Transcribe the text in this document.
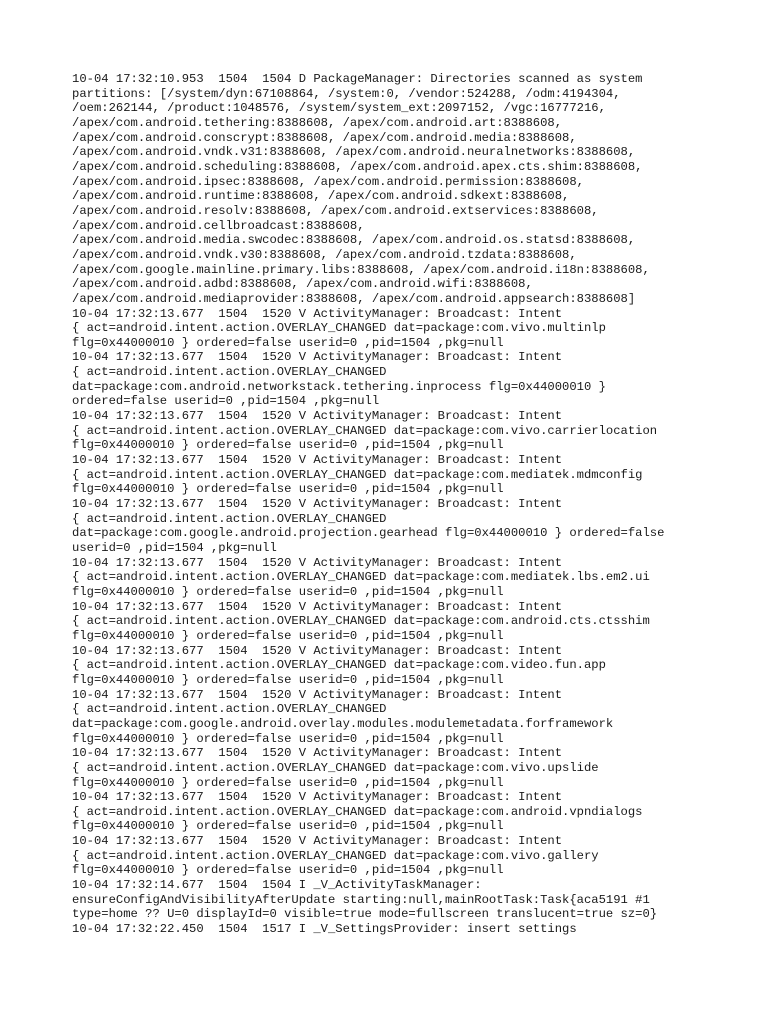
10-04 17:32:10.953  1504  1504 D PackageManager: Directories scanned as system
partitions: [/system/dyn:67108864, /system:0, /vendor:524288, /odm:4194304,
/oem:262144, /product:1048576, /system/system_ext:2097152, /vgc:16777216,
/apex/com.android.tethering:8388608, /apex/com.android.art:8388608,
/apex/com.android.conscrypt:8388608, /apex/com.android.media:8388608,
/apex/com.android.vndk.v31:8388608, /apex/com.android.neuralnetworks:8388608,
/apex/com.android.scheduling:8388608, /apex/com.android.apex.cts.shim:8388608,
/apex/com.android.ipsec:8388608, /apex/com.android.permission:8388608,
/apex/com.android.runtime:8388608, /apex/com.android.sdkext:8388608,
/apex/com.android.resolv:8388608, /apex/com.android.extservices:8388608,
/apex/com.android.cellbroadcast:8388608,
/apex/com.android.media.swcodec:8388608, /apex/com.android.os.statsd:8388608,
/apex/com.android.vndk.v30:8388608, /apex/com.android.tzdata:8388608,
/apex/com.google.mainline.primary.libs:8388608, /apex/com.android.i18n:8388608,
/apex/com.android.adbd:8388608, /apex/com.android.wifi:8388608,
/apex/com.android.mediaprovider:8388608, /apex/com.android.appsearch:8388608]
10-04 17:32:13.677  1504  1520 V ActivityManager: Broadcast: Intent
{ act=android.intent.action.OVERLAY_CHANGED dat=package:com.vivo.multinlp
flg=0x44000010 } ordered=false userid=0 ,pid=1504 ,pkg=null
10-04 17:32:13.677  1504  1520 V ActivityManager: Broadcast: Intent
{ act=android.intent.action.OVERLAY_CHANGED
dat=package:com.android.networkstack.tethering.inprocess flg=0x44000010 }
ordered=false userid=0 ,pid=1504 ,pkg=null
10-04 17:32:13.677  1504  1520 V ActivityManager: Broadcast: Intent
{ act=android.intent.action.OVERLAY_CHANGED dat=package:com.vivo.carrierlocation
flg=0x44000010 } ordered=false userid=0 ,pid=1504 ,pkg=null
10-04 17:32:13.677  1504  1520 V ActivityManager: Broadcast: Intent
{ act=android.intent.action.OVERLAY_CHANGED dat=package:com.mediatek.mdmconfig
flg=0x44000010 } ordered=false userid=0 ,pid=1504 ,pkg=null
10-04 17:32:13.677  1504  1520 V ActivityManager: Broadcast: Intent
{ act=android.intent.action.OVERLAY_CHANGED
dat=package:com.google.android.projection.gearhead flg=0x44000010 } ordered=false
userid=0 ,pid=1504 ,pkg=null
10-04 17:32:13.677  1504  1520 V ActivityManager: Broadcast: Intent
{ act=android.intent.action.OVERLAY_CHANGED dat=package:com.mediatek.lbs.em2.ui
flg=0x44000010 } ordered=false userid=0 ,pid=1504 ,pkg=null
10-04 17:32:13.677  1504  1520 V ActivityManager: Broadcast: Intent
{ act=android.intent.action.OVERLAY_CHANGED dat=package:com.android.cts.ctsshim
flg=0x44000010 } ordered=false userid=0 ,pid=1504 ,pkg=null
10-04 17:32:13.677  1504  1520 V ActivityManager: Broadcast: Intent
{ act=android.intent.action.OVERLAY_CHANGED dat=package:com.video.fun.app
flg=0x44000010 } ordered=false userid=0 ,pid=1504 ,pkg=null
10-04 17:32:13.677  1504  1520 V ActivityManager: Broadcast: Intent
{ act=android.intent.action.OVERLAY_CHANGED
dat=package:com.google.android.overlay.modules.modulemetadata.forframework
flg=0x44000010 } ordered=false userid=0 ,pid=1504 ,pkg=null
10-04 17:32:13.677  1504  1520 V ActivityManager: Broadcast: Intent
{ act=android.intent.action.OVERLAY_CHANGED dat=package:com.vivo.upslide
flg=0x44000010 } ordered=false userid=0 ,pid=1504 ,pkg=null
10-04 17:32:13.677  1504  1520 V ActivityManager: Broadcast: Intent
{ act=android.intent.action.OVERLAY_CHANGED dat=package:com.android.vpndialogs
flg=0x44000010 } ordered=false userid=0 ,pid=1504 ,pkg=null
10-04 17:32:13.677  1504  1520 V ActivityManager: Broadcast: Intent
{ act=android.intent.action.OVERLAY_CHANGED dat=package:com.vivo.gallery
flg=0x44000010 } ordered=false userid=0 ,pid=1504 ,pkg=null
10-04 17:32:14.677  1504  1504 I _V_ActivityTaskManager:
ensureConfigAndVisibilityAfterUpdate starting:null,mainRootTask:Task{aca5191 #1
type=home ?? U=0 displayId=0 visible=true mode=fullscreen translucent=true sz=0}
10-04 17:32:22.450  1504  1517 I _V_SettingsProvider: insert settings
